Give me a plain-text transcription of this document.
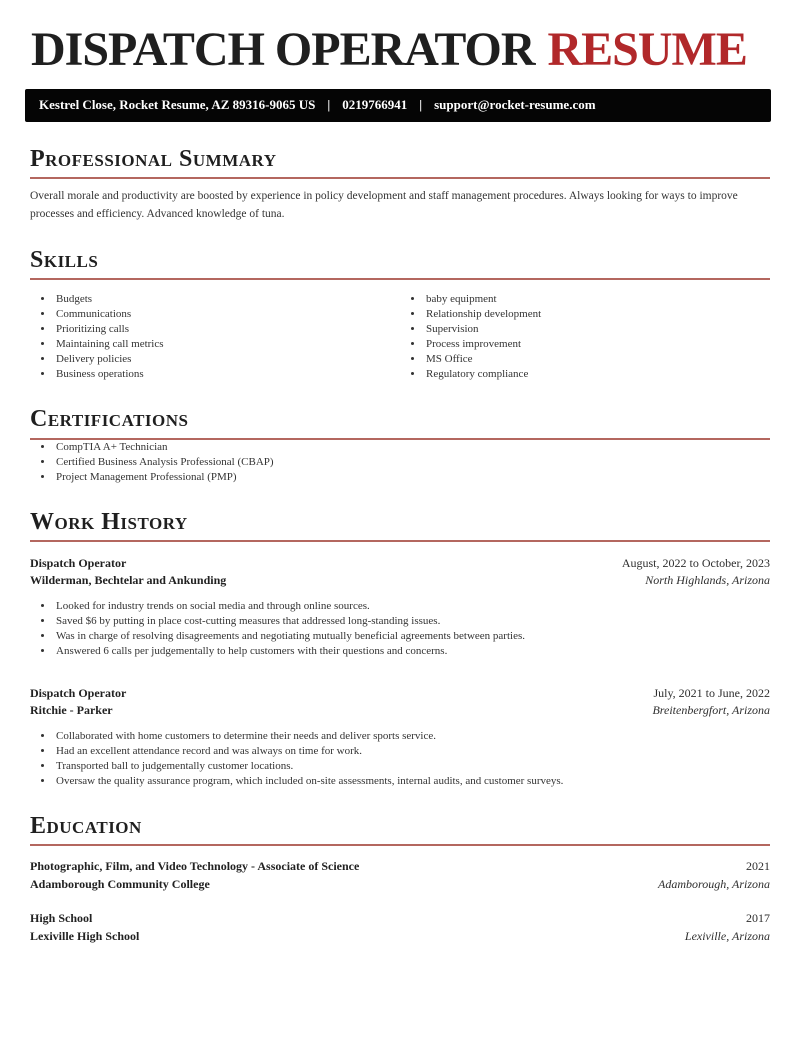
DISPATCH OPERATOR RESUME
Kestrel Close, Rocket Resume, AZ 89316-9065 US | 0219766941 | support@rocket-resume.com
Professional Summary

Overall morale and productivity are boosted by experience in policy development and staff management procedures. Always looking for ways to improve processes and efficiency. Advanced knowledge of tuna.

Skills
• Budgets
• Communications
• Prioritizing calls
• Maintaining call metrics
• Delivery policies
• Business operations
• baby equipment
• Relationship development
• Supervision
• Process improvement
• MS Office
• Regulatory compliance
Certifications
• CompTIA A+ Technician
• Certified Business Analysis Professional (CBAP)
• Project Management Professional (PMP)
Work History
Dispatch Operator	August, 2022 to October, 2023
Wilderman, Bechtelar and Ankunding	North Highlands, Arizona
• Looked for industry trends on social media and through online sources.
• Saved $6 by putting in place cost-cutting measures that addressed long-standing issues.
• Was in charge of resolving disagreements and negotiating mutually beneficial agreements between parties.
• Answered 6 calls per judgementally to help customers with their questions and concerns.
Dispatch Operator	July, 2021 to June, 2022
Ritchie - Parker	Breitenbergfort, Arizona
• Collaborated with home customers to determine their needs and deliver sports service.
• Had an excellent attendance record and was always on time for work.
• Transported ball to judgementally customer locations.
• Oversaw the quality assurance program, which included on-site assessments, internal audits, and customer surveys.
Education
Photographic, Film, and Video Technology - Associate of Science	2021
Adamborough Community College	Adamborough, Arizona
High School	2017
Lexiville High School	Lexiville, Arizona
